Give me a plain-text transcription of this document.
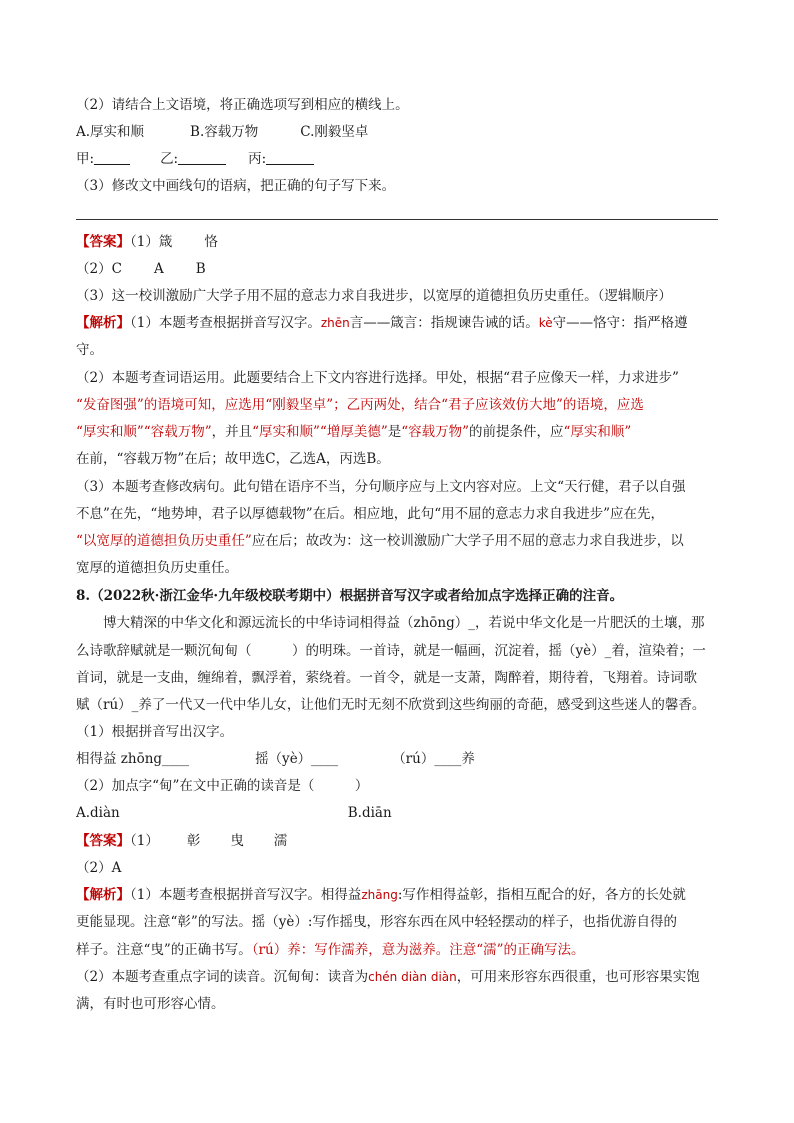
（2）请结合上文语境，将正确选项写到相应的横线上。
A.厚实和顺	B.容载万物	C.刚毅坚卓
甲:	乙:	丙:
（3）修改文中画线句的语病，把正确的句子写下来。
【答案】（1）箴 恪
（2）C A B
（3）这一校训激励广大学子用不屈的意志力求自我进步，以宽厚的道德担负历史重任。（逻辑顺序）
【解析】（1）本题考查根据拼音写汉字。zhēn言——箴言：指规谏告诫的话。kè守——恪守：指严格遵
守。
（2）本题考查词语运用。此题要结合上下文内容进行选择。甲处，根据“君子应像天一样，力求进步”
“发奋图强”的语境可知，应选用“刚毅坚卓”；乙丙两处，结合“君子应该效仿大地”的语境，应选
“厚实和顺”“容载万物”，并且“厚实和顺”“增厚美德”是“容载万物”的前提条件，应“厚实和顺”
在前，“容载万物”在后；故甲选C，乙选A，丙选B。
（3）本题考查修改病句。此句错在语序不当，分句顺序应与上文内容对应。上文“天行健，君子以自强
不息”在先，“地势坤，君子以厚德载物”在后。相应地，此句“用不屈的意志力求自我进步”应在先，
“以宽厚的道德担负历史重任”应在后；故改为：这一校训激励广大学子用不屈的意志力求自我进步，以
宽厚的道德担负历史重任。
8.（2022秋·浙江金华·九年级校联考期中）根据拼音写汉字或者给加点字选择正确的注音。
博大精深的中华文化和源远流长的中华诗词相得益（zhōng）_，若说中华文化是一片肥沃的土壤，那
么诗歌辞赋就是一颗沉甸甸（　　　）的明珠。一首诗，就是一幅画，沉淀着，摇（yè）_着，渲染着；一
首词，就是一支曲，缠绵着，飘浮着，萦绕着。一首令，就是一支萧，陶醉着，期待着，飞翔着。诗词歌
赋（rú）_养了一代又一代中华儿女，让他们无时无刻不欣赏到这些绚丽的奇葩，感受到这些迷人的馨香。
（1）根据拼音写出汉字。
相得益 zhōng____	摇（yè）____	（rú）____养
（2）加点字“甸”在文中正确的读音是（　　　）
A.diàn	B.diān
【答案】（1） 彰 曳 濡
（2）A
【解析】（1）本题考查根据拼音写汉字。相得益zhāng:写作相得益彰，指相互配合的好，各方的长处就
更能显现。注意“彰”的写法。摇（yè）:写作摇曳，形容东西在风中轻轻摆动的样子，也指优游自得的
样子。注意“曳”的正确书写。（rú）养：写作濡养，意为滋养。注意“濡”的正确写法。
（2）本题考查重点字词的读音。沉甸甸：读音为chén diàn diàn，可用来形容东西很重，也可形容果实饱
满，有时也可形容心情。
